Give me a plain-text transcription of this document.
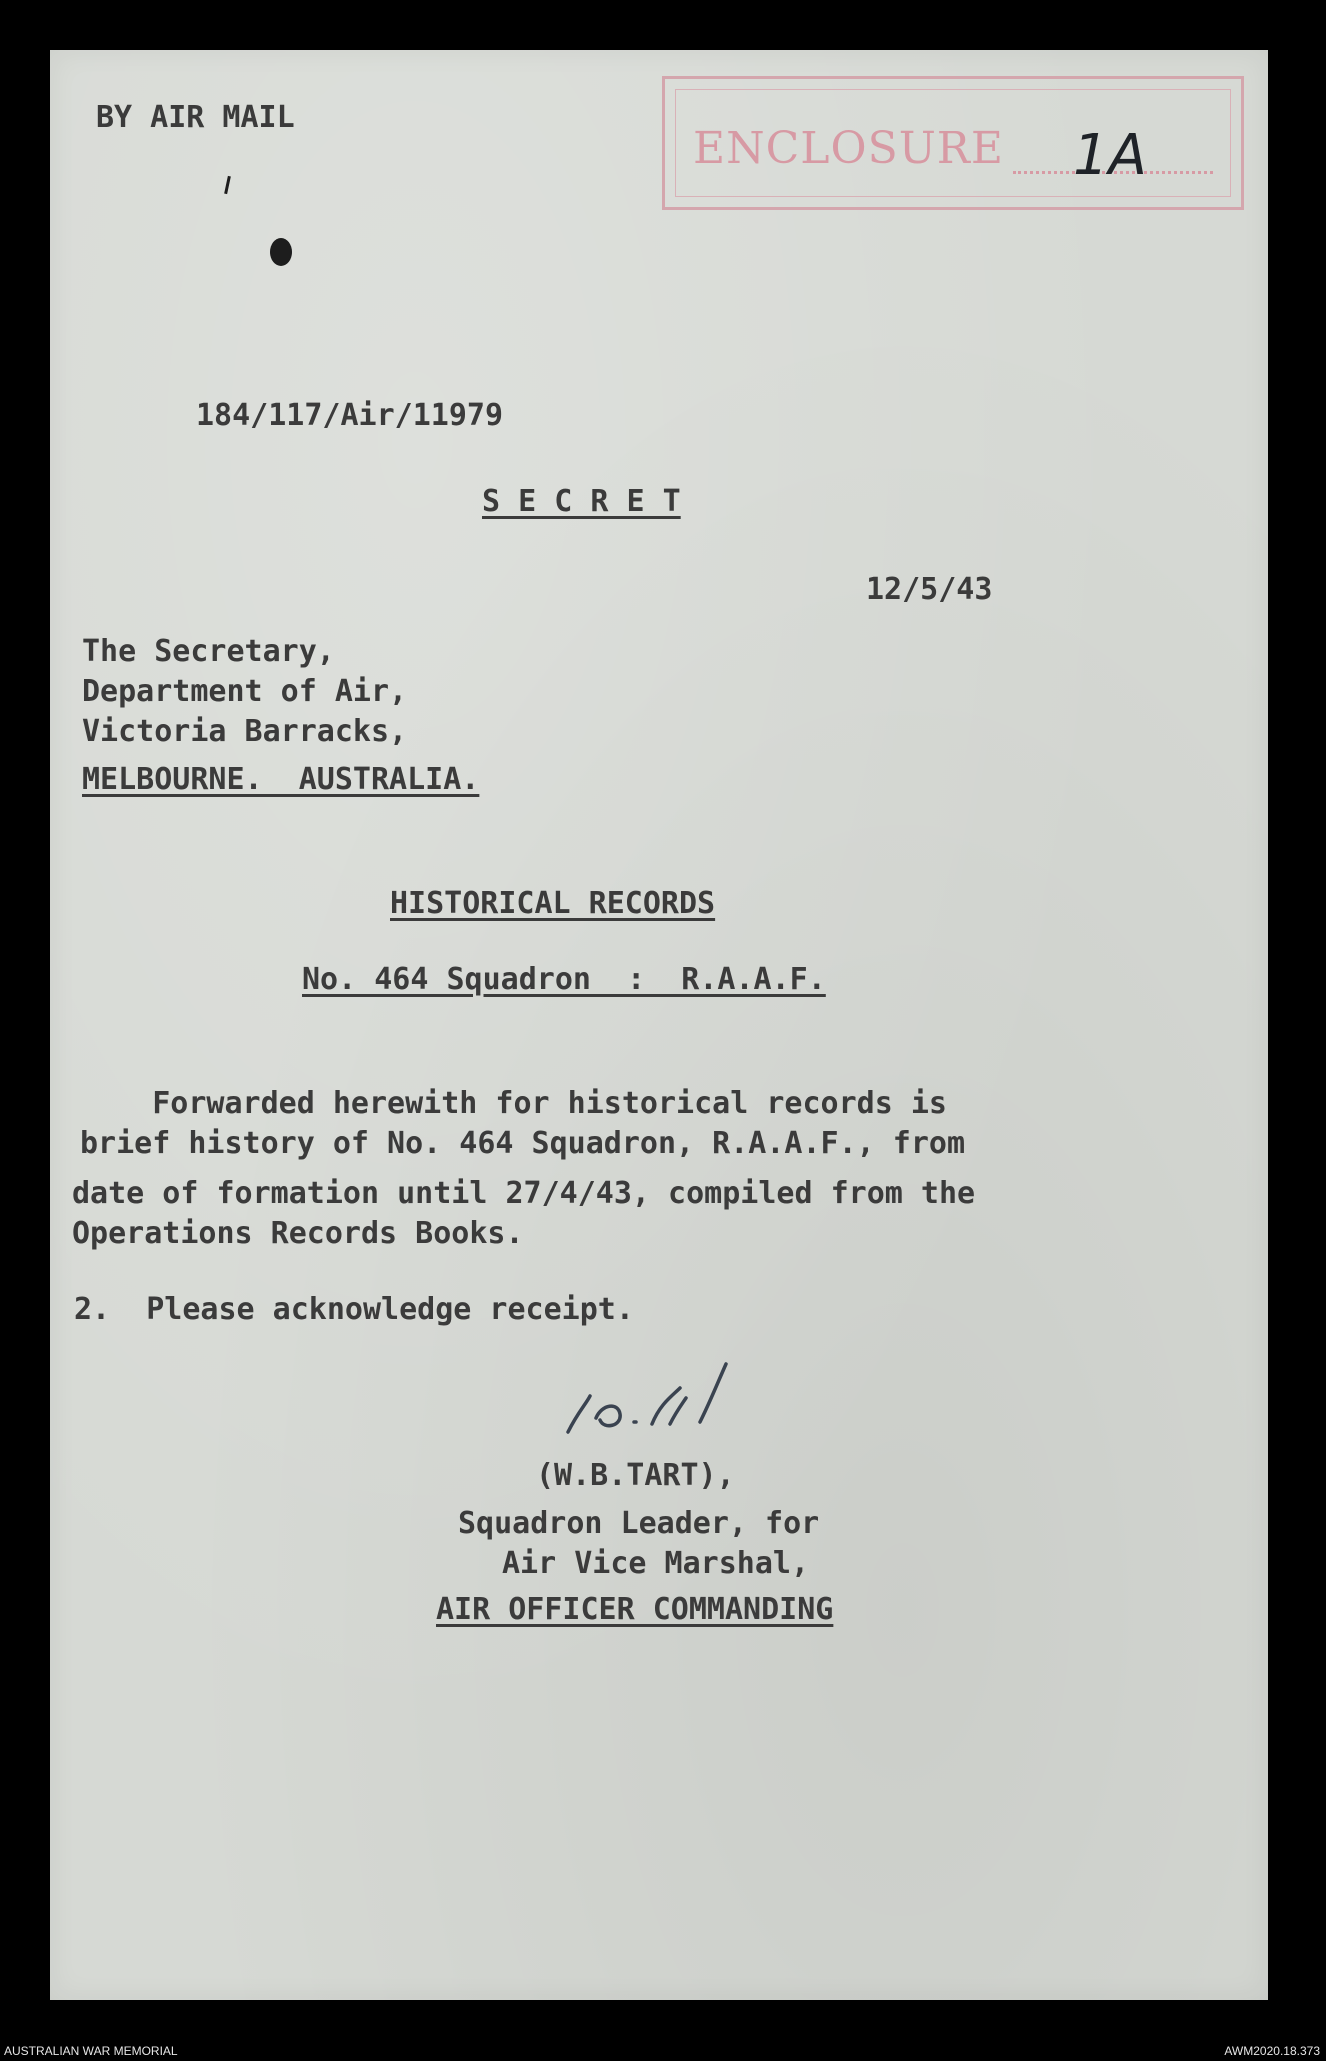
BY AIR MAIL
ENCLOSURE 1A
184/117/Air/11979
S E C R E T
12/5/43
The Secretary,
Department of Air,
Victoria Barracks,
MELBOURNE.  AUSTRALIA.
HISTORICAL RECORDS
No. 464 Squadron  :  R.A.A.F.
Forwarded herewith for historical records is
brief history of No. 464 Squadron, R.A.A.F., from
date of formation until 27/4/43, compiled from the
Operations Records Books.
2.  Please acknowledge receipt.
(W.B.TART),
Squadron Leader, for
Air Vice Marshal,
AIR OFFICER COMMANDING
AUSTRALIAN WAR MEMORIAL	AWM2020.18.373
